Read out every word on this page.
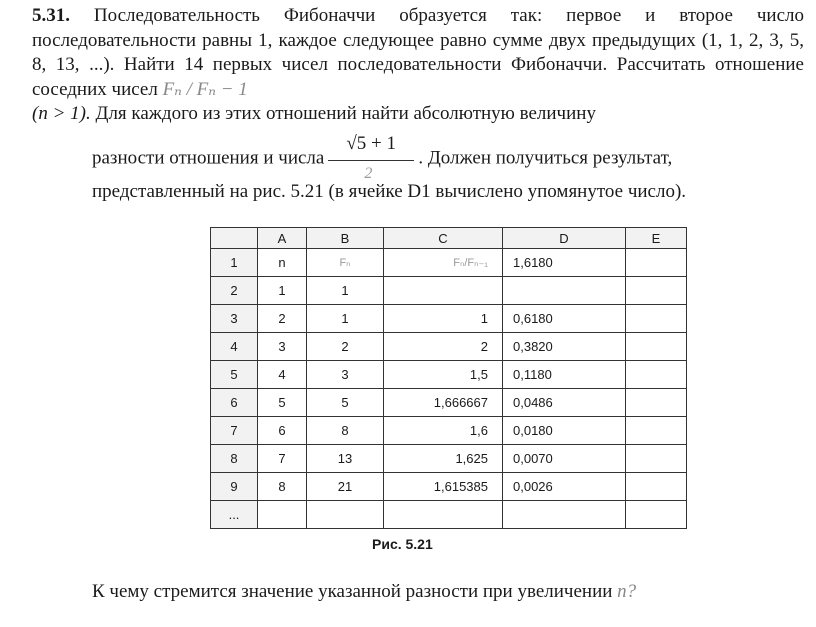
5.31. Последовательность Фибоначчи образуется так: первое и второе число последовательности равны 1, каждое следующее равно сумме двух предыдущих (1, 1, 2, 3, 5, 8, 13, ...). Найти 14 первых чисел последовательности Фибоначчи. Рассчитать отношение соседних чисел Fₙ / Fₙ − 1
(n > 1). Для каждого из этих отношений найти абсолютную величину

разности отношения и числа $\frac{√5 + 1}{2}$ . Должен получиться результат,
представленный на рис. 5.21 (в ячейке D1 вычислено упомянутое число).
	A	B	C	D	E
1	n	Fₙ	Fₙ/Fₙ₋₁	1,6180	
2	1	1			
3	2	1	1	0,6180	
4	3	2	2	0,3820	
5	4	3	1,5	0,1180	
6	5	5	1,666667	0,0486	
7	6	8	1,6	0,0180	
8	7	13	1,625	0,0070	
9	8	21	1,615385	0,0026	
...					
Рис. 5.21
К чему стремится значение указанной разности при увеличении n?
